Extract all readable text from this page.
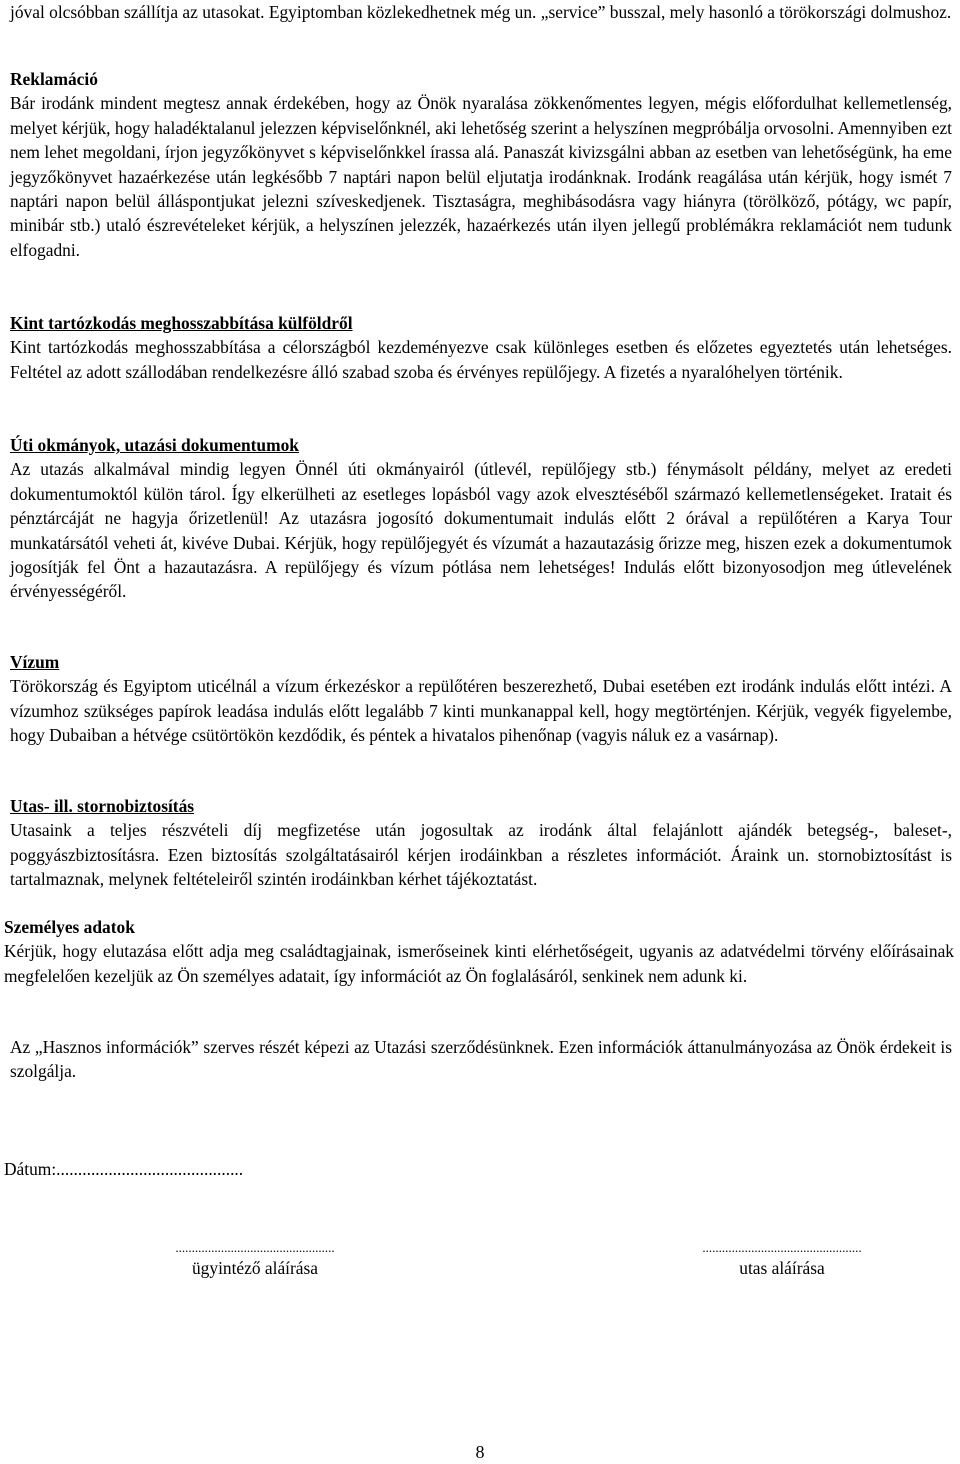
jóval olcsóbban szállítja az utasokat. Egyiptomban közlekedhetnek még un. „service” busszal, mely hasonló a törökországi dolmushoz.

Reklamáció

Bár irodánk mindent megtesz annak érdekében, hogy az Önök nyaralása zökkenőmentes legyen, mégis előfordulhat kellemetlenség, melyet kérjük, hogy haladéktalanul jelezzen képviselőnknél, aki lehetőség szerint a helyszínen megpróbálja orvosolni. Amennyiben ezt nem lehet megoldani, írjon jegyzőkönyvet s képviselőnkkel írassa alá. Panaszát kivizsgálni abban az esetben van lehetőségünk, ha eme jegyzőkönyvet hazaérkezése után legkésőbb 7 naptári napon belül eljutatja irodánknak. Irodánk reagálása után kérjük, hogy ismét 7 naptári napon belül álláspontjukat jelezni szíveskedjenek. Tisztaságra, meghibásodásra vagy hiányra (törölköző, pótágy, wc papír, minibár stb.) utaló észrevételeket kérjük, a helyszínen jelezzék, hazaérkezés után ilyen jellegű problémákra reklamációt nem tudunk elfogadni.

Kint tartózkodás meghosszabbítása külföldről

Kint tartózkodás meghosszabbítása a célországból kezdeményezve csak különleges esetben és előzetes egyeztetés után lehetséges. Feltétel az adott szállodában rendelkezésre álló szabad szoba és érvényes repülőjegy. A fizetés a nyaralóhelyen történik.

Úti okmányok, utazási dokumentumok

Az utazás alkalmával mindig legyen Önnél úti okmányairól (útlevél, repülőjegy stb.) fénymásolt példány, melyet az eredeti dokumentumoktól külön tárol. Így elkerülheti az esetleges lopásból vagy azok elvesztéséből származó kellemetlenségeket. Iratait és pénztárcáját ne hagyja őrizetlenül! Az utazásra jogosító dokumentumait indulás előtt 2 órával a repülőtéren a Karya Tour munkatársától veheti át, kivéve Dubai. Kérjük, hogy repülőjegyét és vízumát a hazautazásig őrizze meg, hiszen ezek a dokumentumok jogosítják fel Önt a hazautazásra. A repülőjegy és vízum pótlása nem lehetséges! Indulás előtt bizonyosodjon meg útlevelének érvényességéről.

Vízum

Törökország és Egyiptom uticélnál a vízum érkezéskor a repülőtéren beszerezhető, Dubai esetében ezt irodánk indulás előtt intézi. A vízumhoz szükséges papírok leadása indulás előtt legalább 7 kinti munkanappal kell, hogy megtörténjen. Kérjük, vegyék figyelembe, hogy Dubaiban a hétvége csütörtökön kezdődik, és péntek a hivatalos pihenőnap (vagyis náluk ez a vasárnap).

Utas- ill. stornobiztosítás

Utasaink a teljes részvételi díj megfizetése után jogosultak az irodánk által felajánlott ajándék betegség-, baleset-, poggyászbiztosításra. Ezen biztosítás szolgáltatásairól kérjen irodáinkban a részletes információt. Áraink un. stornobiztosítást is tartalmaznak, melynek feltételeiről szintén irodáinkban kérhet tájékoztatást.

Személyes adatok

Kérjük, hogy elutazása előtt adja meg családtagjainak, ismerőseinek kinti elérhetőségeit, ugyanis az adatvédelmi törvény előírásainak megfelelően kezeljük az Ön személyes adatait, így információt az Ön foglalásáról, senkinek nem adunk ki.

Az „Hasznos információk” szerves részét képezi az Utazási szerződésünknek. Ezen információk áttanulmányozása az Önök érdekeit is szolgálja.

Dátum:...........................................

.................................................
ügyintéző aláírása
.................................................
utas aláírása
8
